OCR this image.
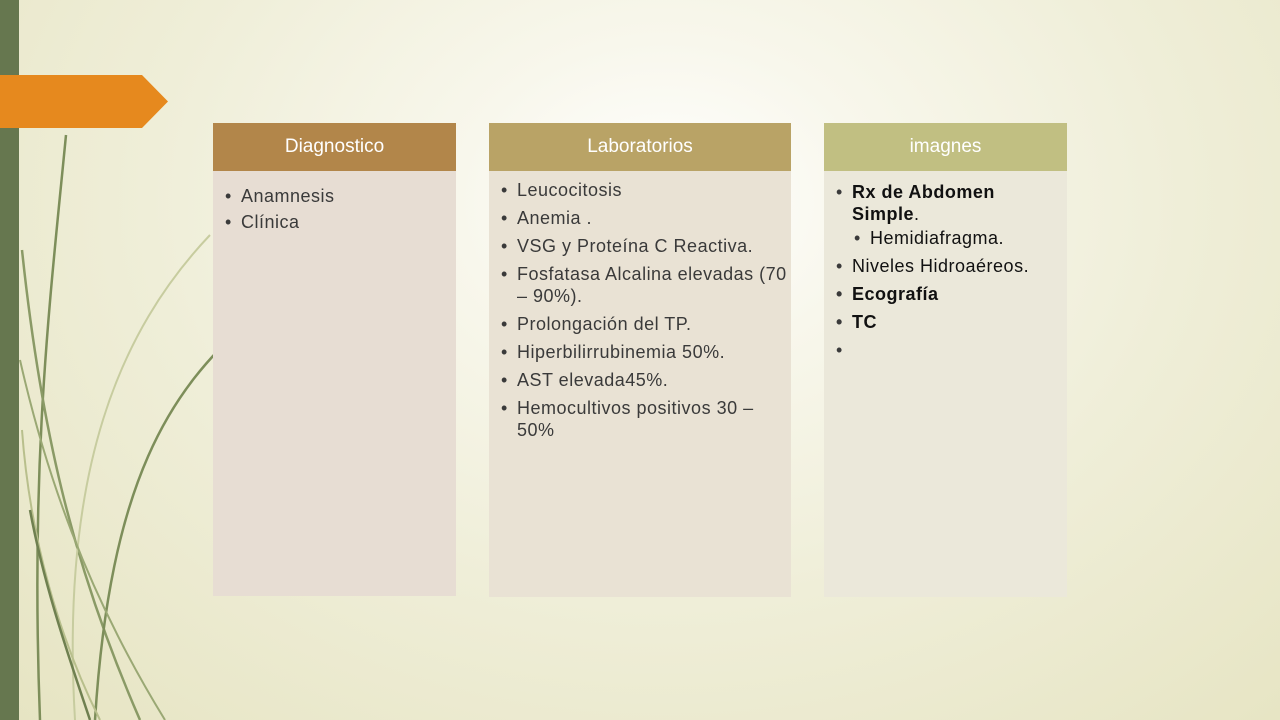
Diagnostico
• Anamnesis
• Clínica
Laboratorios
• Leucocitosis
• Anemia .
• VSG y Proteína C Reactiva.
• Fosfatasa Alcalina elevadas (70 – 90%).
• Prolongación del TP.
• Hiperbilirrubinemia 50%.
• AST elevada45%.
• Hemocultivos positivos 30 – 50%
imagnes
• Rx de Abdomen Simple.
• Hemidiafragma.
• Niveles Hidroaéreos.
• Ecografía
• TC
